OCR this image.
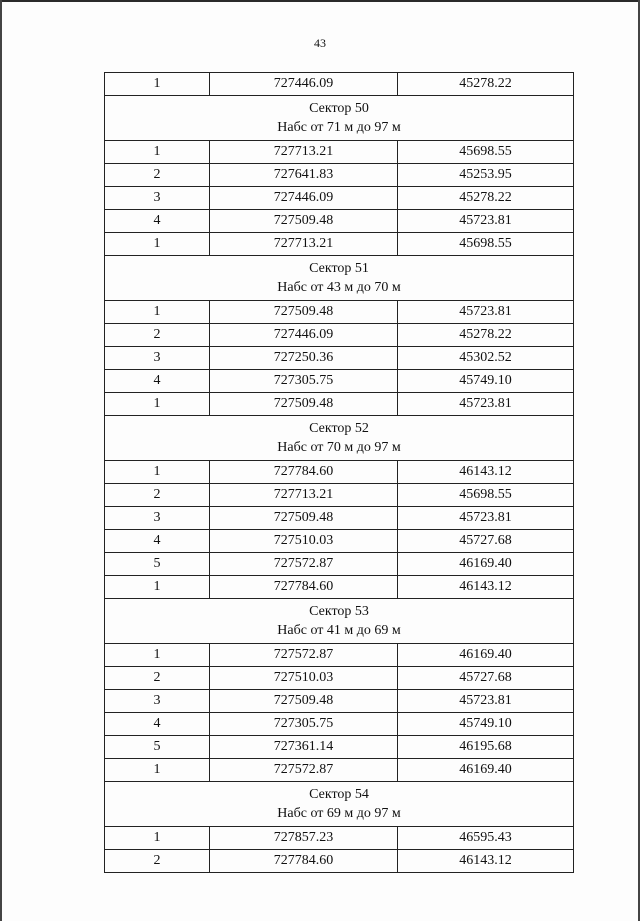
43
1	727446.09	45278.22

Сектор 50
Набс от 71 м до 97 м		

1	727713.21	45698.55
2	727641.83	45253.95
3	727446.09	45278.22
4	727509.48	45723.81
1	727713.21	45698.55

Сектор 51
Набс от 43 м до 70 м		

1	727509.48	45723.81
2	727446.09	45278.22
3	727250.36	45302.52
4	727305.75	45749.10
1	727509.48	45723.81

Сектор 52
Набс от 70 м до 97 м		

1	727784.60	46143.12
2	727713.21	45698.55
3	727509.48	45723.81
4	727510.03	45727.68
5	727572.87	46169.40
1	727784.60	46143.12

Сектор 53
Набс от 41 м до 69 м		

1	727572.87	46169.40
2	727510.03	45727.68
3	727509.48	45723.81
4	727305.75	45749.10
5	727361.14	46195.68
1	727572.87	46169.40

Сектор 54
Набс от 69 м до 97 м		

1	727857.23	46595.43
2	727784.60	46143.12
